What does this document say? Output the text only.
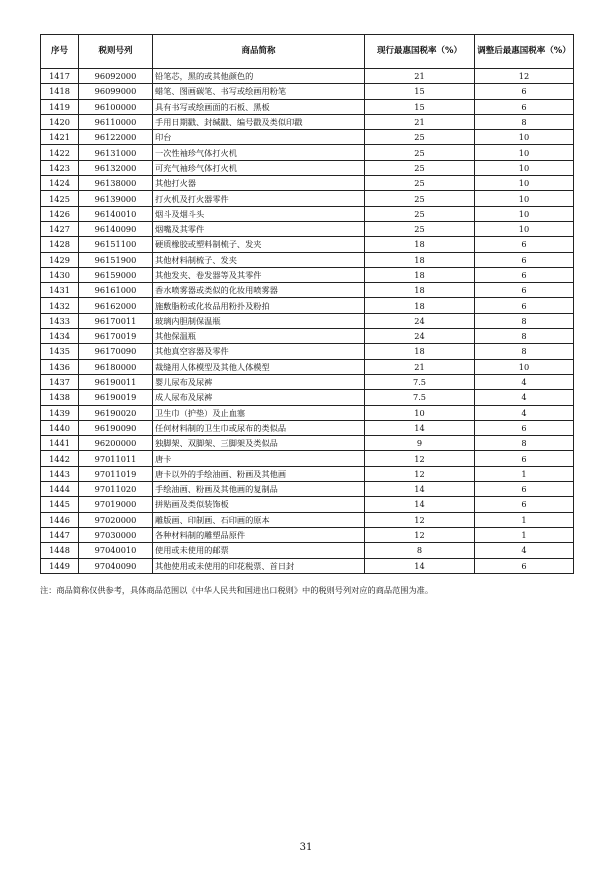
序号	税则号列	商品简称	现行最惠国税率（%）	调整后最惠国税率（%）
1417	96092000	铅笔芯，黑的或其他颜色的	21	12
1418	96099000	蜡笔、图画碳笔、书写或绘画用粉笔	15	6
1419	96100000	具有书写或绘画面的石板、黑板	15	6
1420	96110000	手用日期戳、封缄戳、编号戳及类似印戳	21	8
1421	96122000	印台	25	10
1422	96131000	一次性袖珍气体打火机	25	10
1423	96132000	可充气袖珍气体打火机	25	10
1424	96138000	其他打火器	25	10
1425	96139000	打火机及打火器零件	25	10
1426	96140010	烟斗及烟斗头	25	10
1427	96140090	烟嘴及其零件	25	10
1428	96151100	硬质橡胶或塑料制梳子、发夹	18	6
1429	96151900	其他材料制梳子、发夹	18	6
1430	96159000	其他发夹、卷发器等及其零件	18	6
1431	96161000	香水喷雾器或类似的化妆用喷雾器	18	6
1432	96162000	施敷脂粉或化妆品用粉扑及粉拍	18	6
1433	96170011	玻璃内胆制保温瓶	24	8
1434	96170019	其他保温瓶	24	8
1435	96170090	其他真空容器及零件	18	8
1436	96180000	裁缝用人体模型及其他人体模型	21	10
1437	96190011	婴儿尿布及尿裤	7.5	4
1438	96190019	成人尿布及尿裤	7.5	4
1439	96190020	卫生巾（护垫）及止血塞	10	4
1440	96190090	任何材料制的卫生巾或尿布的类似品	14	6
1441	96200000	独脚架、双脚架、三脚架及类似品	9	8
1442	97011011	唐卡	12	6
1443	97011019	唐卡以外的手绘油画、粉画及其他画	12	1
1444	97011020	手绘油画、粉画及其他画的复制品	14	6
1445	97019000	拼贴画及类似装饰板	14	6
1446	97020000	雕版画、印制画、石印画的原本	12	1
1447	97030000	各种材料制的雕塑品原件	12	1
1448	97040010	使用或未使用的邮票	8	4
1449	97040090	其他使用或未使用的印花税票、首日封	14	6
注：商品简称仅供参考，具体商品范围以《中华人民共和国进出口税则》中的税则号列对应的商品范围为准。
31
